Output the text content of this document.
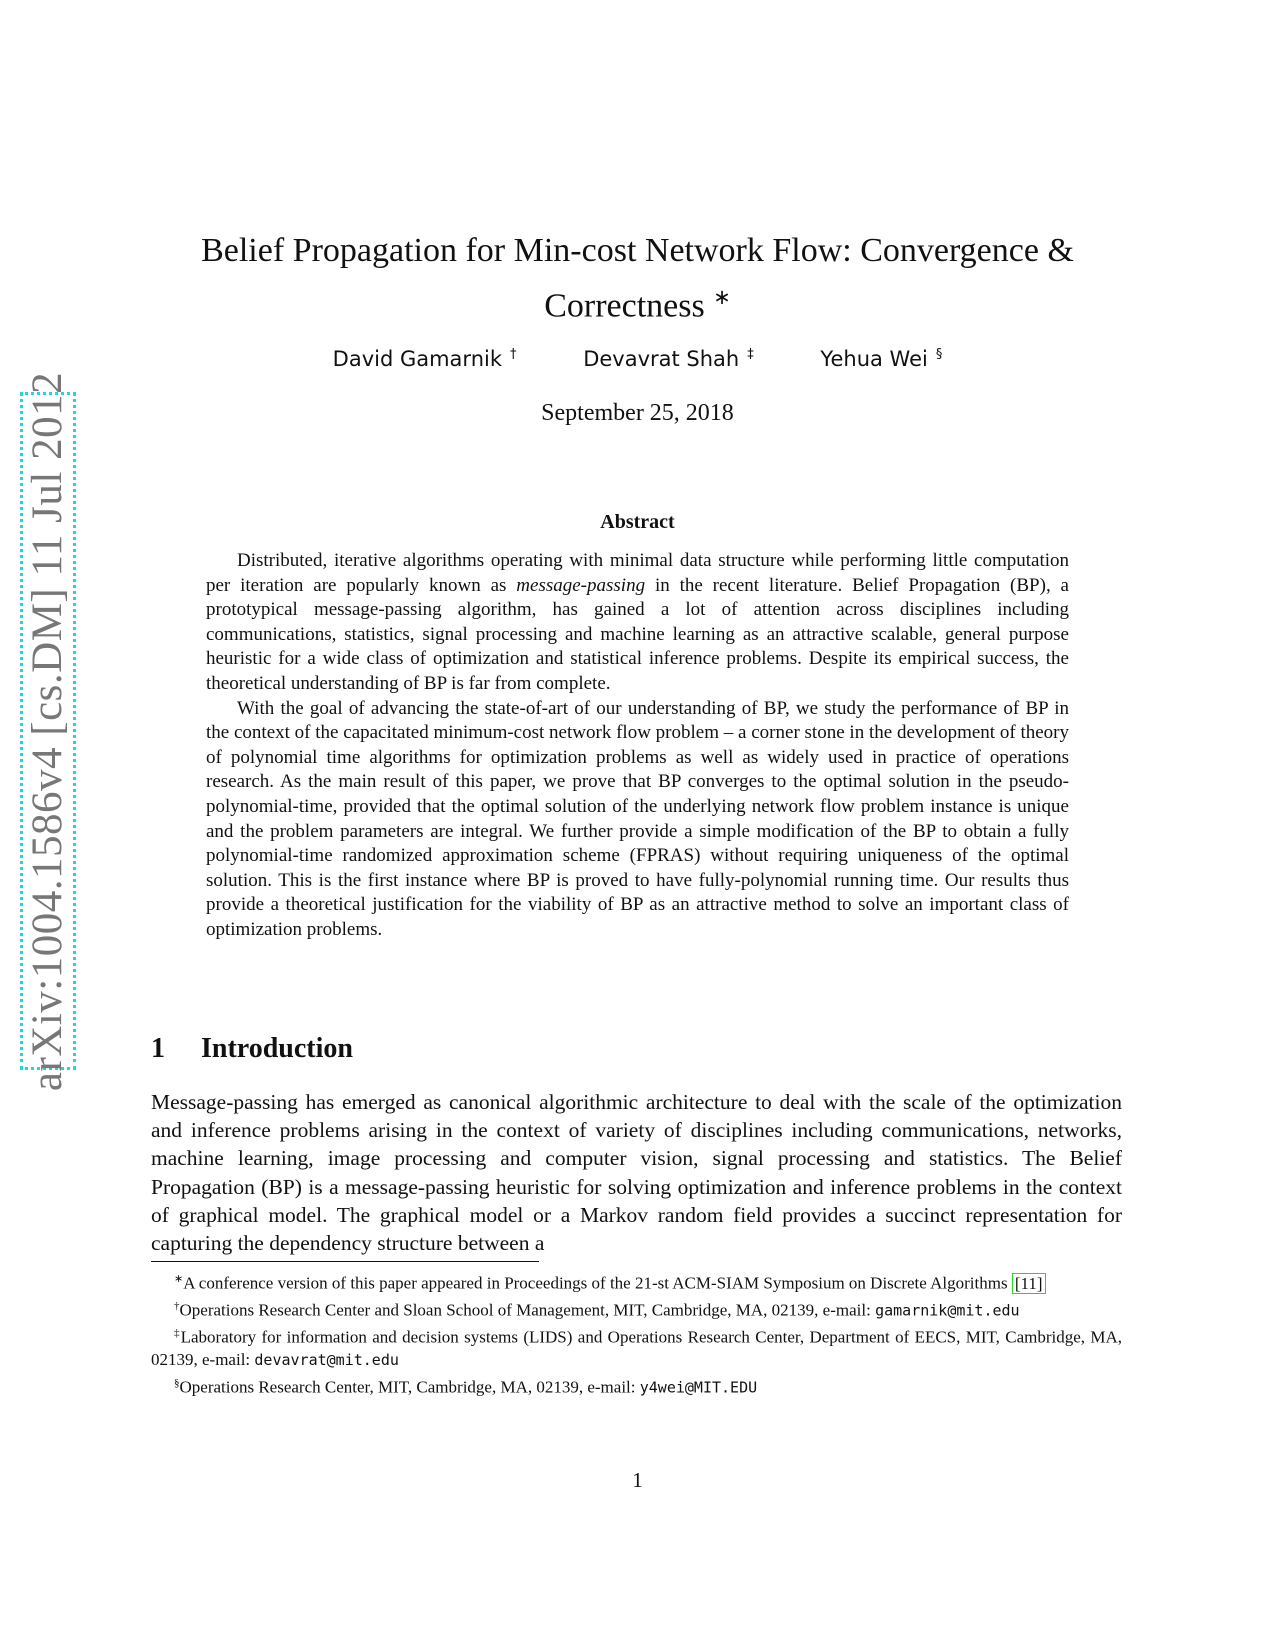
arXiv:1004.1586v4 [cs.DM] 11 Jul 2012
Belief Propagation for Min-cost Network Flow: Convergence &
Correctness ∗
David Gamarnik †	Devavrat Shah ‡	Yehua Wei §
September 25, 2018
Abstract

Distributed, iterative algorithms operating with minimal data structure while performing little computation per iteration are popularly known as message-passing in the recent literature. Belief Propagation (BP), a prototypical message-passing algorithm, has gained a lot of attention across disciplines including communications, statistics, signal processing and machine learning as an attractive scalable, general purpose heuristic for a wide class of optimization and statistical inference problems. Despite its empirical success, the theoretical understanding of BP is far from complete.

With the goal of advancing the state-of-art of our understanding of BP, we study the performance of BP in the context of the capacitated minimum-cost network flow problem – a corner stone in the development of theory of polynomial time algorithms for optimization problems as well as widely used in practice of operations research. As the main result of this paper, we prove that BP converges to the optimal solution in the pseudo-polynomial-time, provided that the optimal solution of the underlying network flow problem instance is unique and the problem parameters are integral. We further provide a simple modification of the BP to obtain a fully polynomial-time randomized approximation scheme (FPRAS) without requiring uniqueness of the optimal solution. This is the first instance where BP is proved to have fully-polynomial running time. Our results thus provide a theoretical justification for the viability of BP as an attractive method to solve an important class of optimization problems.

1 Introduction

Message-passing has emerged as canonical algorithmic architecture to deal with the scale of the optimization and inference problems arising in the context of variety of disciplines including communications, networks, machine learning, image processing and computer vision, signal processing and statistics. The Belief Propagation (BP) is a message-passing heuristic for solving optimization and inference problems in the context of graphical model. The graphical model or a Markov random field provides a succinct representation for capturing the dependency structure between a

∗A conference version of this paper appeared in Proceedings of the 21-st ACM-SIAM Symposium on Discrete Algorithms [11]

†Operations Research Center and Sloan School of Management, MIT, Cambridge, MA, 02139, e-mail: gamarnik@mit.edu

‡Laboratory for information and decision systems (LIDS) and Operations Research Center, Department of EECS, MIT, Cambridge, MA, 02139, e-mail: devavrat@mit.edu

§Operations Research Center, MIT, Cambridge, MA, 02139, e-mail: y4wei@MIT.EDU

1
